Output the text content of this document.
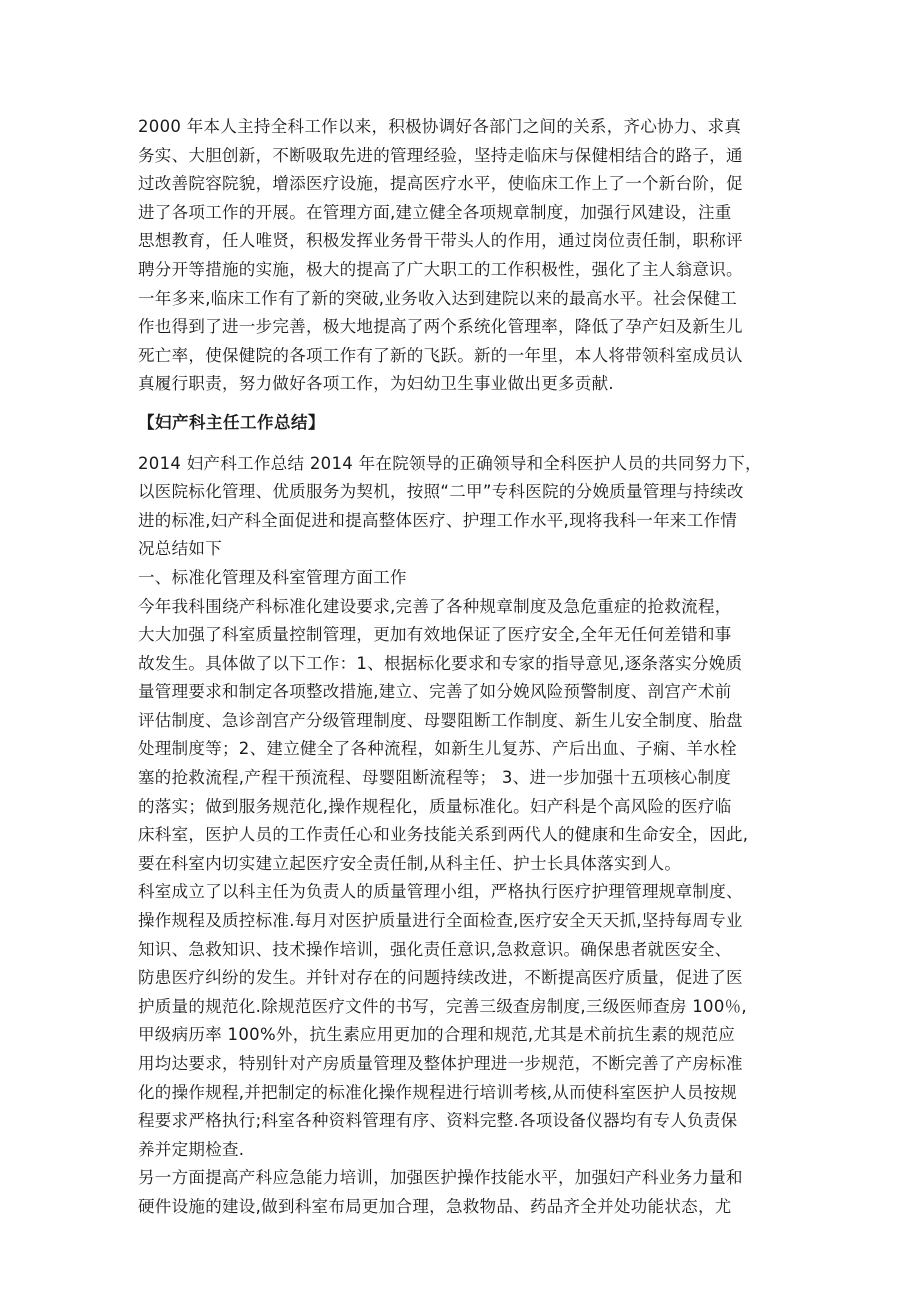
2000 年本人主持全科工作以来，积极协调好各部门之间的关系，齐心协力、求真
务实、大胆创新，不断吸取先进的管理经验，坚持走临床与保健相结合的路子，通
过改善院容院貌，增添医疗设施，提高医疗水平，使临床工作上了一个新台阶，促
进了各项工作的开展。在管理方面,建立健全各项规章制度，加强行风建设，注重
思想教育，任人唯贤，积极发挥业务骨干带头人的作用，通过岗位责任制，职称评
聘分开等措施的实施，极大的提高了广大职工的工作积极性，强化了主人翁意识。
一年多来,临床工作有了新的突破,业务收入达到建院以来的最高水平。社会保健工
作也得到了进一步完善，极大地提高了两个系统化管理率，降低了孕产妇及新生儿
死亡率，使保健院的各项工作有了新的飞跃。新的一年里，本人将带领科室成员认
真履行职责，努力做好各项工作，为妇幼卫生事业做出更多贡献.
【妇产科主任工作总结】
2014 妇产科工作总结 2014 年在院领导的正确领导和全科医护人员的共同努力下，
以医院标化管理、优质服务为契机，按照“二甲”专科医院的分娩质量管理与持续改
进的标准,妇产科全面促进和提高整体医疗、护理工作水平,现将我科一年来工作情
况总结如下
一、标准化管理及科室管理方面工作
今年我科围绕产科标准化建设要求,完善了各种规章制度及急危重症的抢救流程，
大大加强了科室质量控制管理，更加有效地保证了医疗安全,全年无任何差错和事
故发生。具体做了以下工作：1、根据标化要求和专家的指导意见,逐条落实分娩质
量管理要求和制定各项整改措施,建立、完善了如分娩风险预警制度、剖宫产术前
评估制度、急诊剖宫产分级管理制度、母婴阻断工作制度、新生儿安全制度、胎盘
处理制度等；2、建立健全了各种流程，如新生儿复苏、产后出血、子痫、羊水栓
塞的抢救流程,产程干预流程、母婴阻断流程等； 3、进一步加强十五项核心制度
的落实；做到服务规范化,操作规程化，质量标准化。妇产科是个高风险的医疗临
床科室，医护人员的工作责任心和业务技能关系到两代人的健康和生命安全，因此,
要在科室内切实建立起医疗安全责任制,从科主任、护士长具体落实到人。
科室成立了以科主任为负责人的质量管理小组，严格执行医疗护理管理规章制度、
操作规程及质控标准.每月对医护质量进行全面检查,医疗安全天天抓,坚持每周专业
知识、急救知识、技术操作培训，强化责任意识,急救意识。确保患者就医安全、
防患医疗纠纷的发生。并针对存在的问题持续改进，不断提高医疗质量，促进了医
护质量的规范化.除规范医疗文件的书写，完善三级查房制度,三级医师查房 100％,
甲级病历率 100%外，抗生素应用更加的合理和规范,尤其是术前抗生素的规范应
用均达要求，特别针对产房质量管理及整体护理进一步规范，不断完善了产房标准
化的操作规程,并把制定的标准化操作规程进行培训考核,从而使科室医护人员按规
程要求严格执行;科室各种资料管理有序、资料完整.各项设备仪器均有专人负责保
养并定期检查.
另一方面提高产科应急能力培训，加强医护操作技能水平，加强妇产科业务力量和
硬件设施的建设,做到科室布局更加合理，急救物品、药品齐全并处功能状态，尤
